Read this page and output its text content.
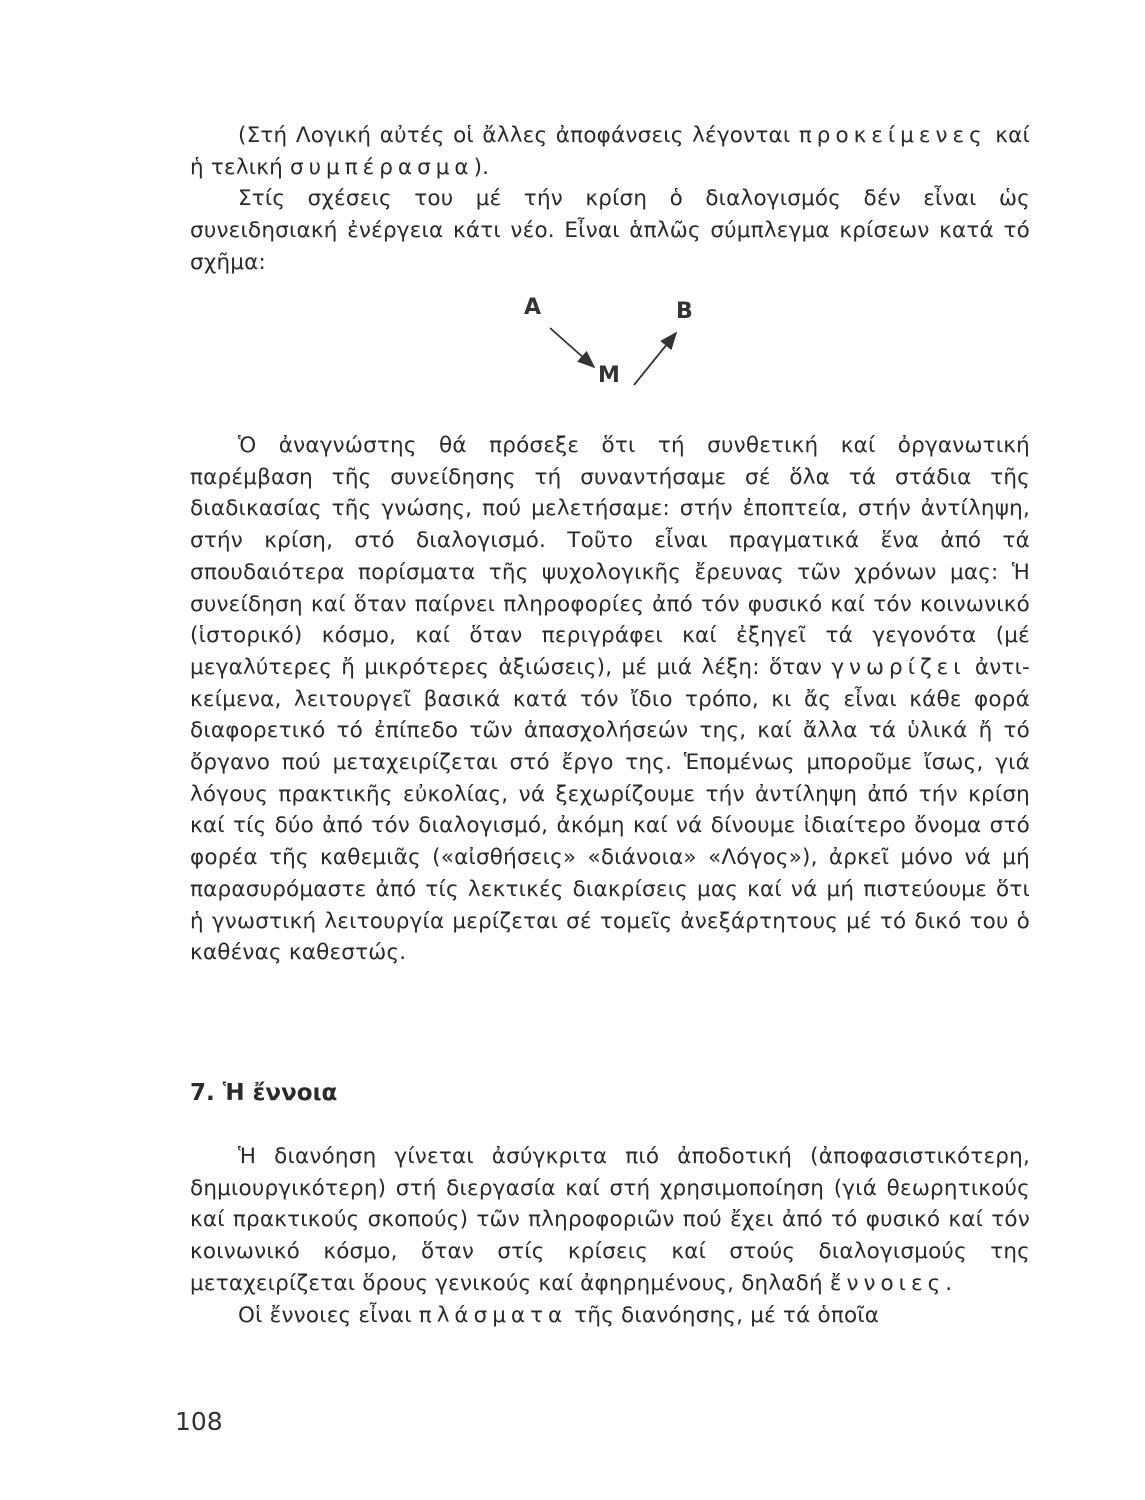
(Στή Λογική αὐτές οἱ ἄλλες ἀποφάνσεις λέγονται προκείμενες καί ἡ τελική συμπέρασμα).

Στίς σχέσεις του μέ τήν κρίση ὁ διαλογισμός δέν εἶναι ὡς συνειδησιακή ἐνέργεια κάτι νέο. Εἶναι ἁπλῶς σύμπλεγμα κρίσεων κατά τό σχῆμα:

A	B
M

Ὁ ἀναγνώστης θά πρόσεξε ὅτι τή συνθετική καί ὀργανωτική παρέμβαση τῆς συνείδησης τή συναντήσαμε σέ ὅλα τά στάδια τῆς διαδικασίας τῆς γνώσης, πού μελετήσαμε: στήν ἐποπτεία, στήν ἀντίληψη, στήν κρίση, στό διαλογισμό. Τοῦτο εἶναι πραγματικά ἕνα ἀπό τά σπουδαιότερα πορίσματα τῆς ψυχολογικῆς ἔρευνας τῶν χρόνων μας: Ἡ συνείδηση καί ὅταν παίρνει πληροφορίες ἀπό τόν φυσικό καί τόν κοινωνικό (ἱστορικό) κόσμο, καί ὅταν περιγράφει καί ἐξηγεῖ τά γεγονότα (μέ μεγαλύτερες ἤ μικρότερες ἀξιώσεις), μέ μιά λέξη: ὅταν γνωρίζει ἀντι-κείμενα, λειτουργεῖ βασικά κατά τόν ἴδιο τρόπο, κι ἄς εἶναι κάθε φορά διαφορετικό τό ἐπίπεδο τῶν ἀπασχολήσεών της, καί ἄλλα τά ὑλικά ἤ τό ὄργανο πού μεταχειρίζεται στό ἔργο της. Ἑπομένως μποροῦμε ἴσως, γιά λόγους πρακτικῆς εὐκολίας, νά ξεχωρίζουμε τήν ἀντίληψη ἀπό τήν κρίση καί τίς δύο ἀπό τόν διαλογισμό, ἀκόμη καί νά δίνουμε ἰδιαίτερο ὄνομα στό φορέα τῆς καθεμιᾶς («αἰσθήσεις» «διάνοια» «Λόγος»), ἀρκεῖ μόνο νά μή παρασυρόμαστε ἀπό τίς λεκτικές διακρίσεις μας καί νά μή πιστεύουμε ὅτι ἡ γνωστική λειτουργία μερίζεται σέ τομεῖς ἀνεξάρτητους μέ τό δικό του ὁ καθένας καθεστώς.

7. Ἡ ἔννοια

Ἡ διανόηση γίνεται ἀσύγκριτα πιό ἀποδοτική (ἀποφασιστικότερη, δημιουργικότερη) στή διεργασία καί στή χρησιμοποίηση (γιά θεωρητικούς καί πρακτικούς σκοπούς) τῶν πληροφοριῶν πού ἔχει ἀπό τό φυσικό καί τόν κοινωνικό κόσμο, ὅταν στίς κρίσεις καί στούς διαλογισμούς της μεταχειρίζεται ὅρους γενικούς καί ἀφηρημένους, δηλαδή ἔννοιες.

Οἱ ἔννοιες εἶναι πλάσματα τῆς διανόησης, μέ τά ὁποῖα

108
